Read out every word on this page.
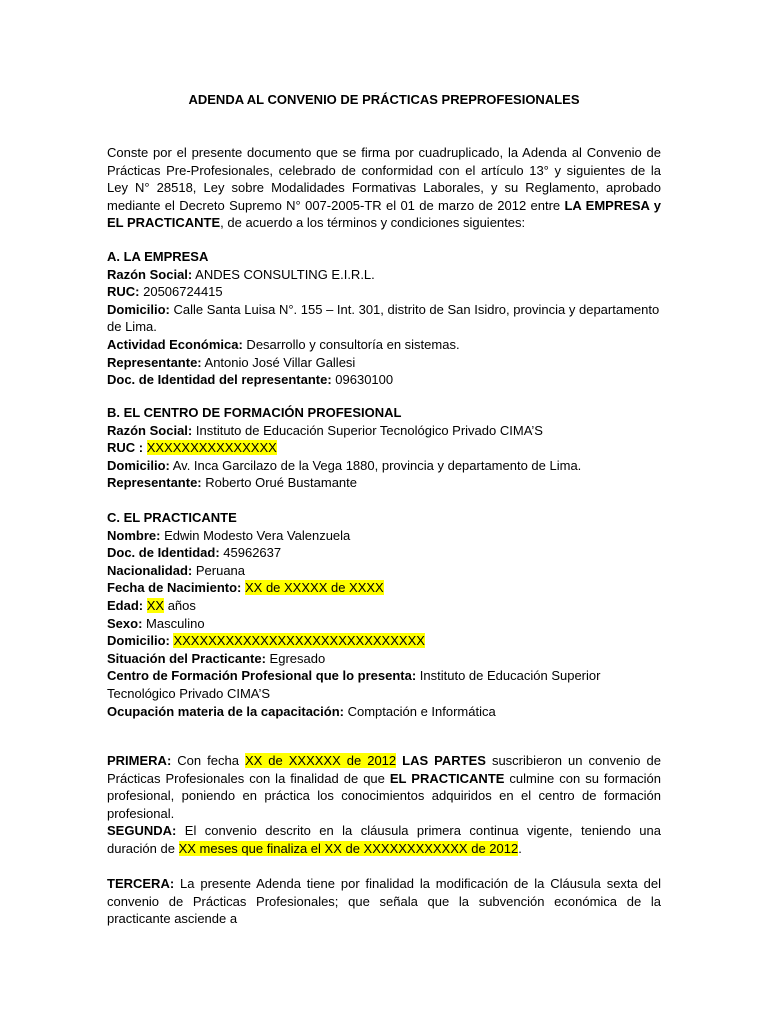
ADENDA AL CONVENIO DE PRÁCTICAS PREPROFESIONALES
Conste por el presente documento que se firma por cuadruplicado, la Adenda al Convenio de Prácticas Pre-Profesionales, celebrado de conformidad con el artículo 13° y siguientes de la Ley N° 28518, Ley sobre Modalidades Formativas Laborales, y su Reglamento, aprobado mediante el Decreto Supremo N° 007-2005-TR el 01 de marzo de 2012 entre LA EMPRESA y EL PRACTICANTE, de acuerdo a los términos y condiciones siguientes:

A. LA EMPRESA

Razón Social: ANDES CONSULTING E.I.R.L.

RUC: 20506724415

Domicilio: Calle Santa Luisa N°. 155 – Int. 301, distrito de San Isidro, provincia y departamento de Lima.

Actividad Económica: Desarrollo y consultoría en sistemas.

Representante: Antonio José Villar Gallesi

Doc. de Identidad del representante: 09630100

B. EL CENTRO DE FORMACIÓN PROFESIONAL

Razón Social: Instituto de Educación Superior Tecnológico Privado CIMA’S

RUC : XXXXXXXXXXXXXXX

Domicilio: Av. Inca Garcilazo de la Vega 1880, provincia y departamento de Lima.

Representante: Roberto Orué Bustamante

C. EL PRACTICANTE

Nombre: Edwin Modesto Vera Valenzuela

Doc. de Identidad: 45962637

Nacionalidad: Peruana

Fecha de Nacimiento: XX de XXXXX de XXXX

Edad: XX años

Sexo: Masculino

Domicilio: XXXXXXXXXXXXXXXXXXXXXXXXXXXXX

Situación del Practicante: Egresado

Centro de Formación Profesional que lo presenta: Instituto de Educación Superior Tecnológico Privado CIMA’S

Ocupación materia de la capacitación: Comptación e Informática

PRIMERA: Con fecha XX de XXXXXX de 2012 LAS PARTES suscribieron un convenio de Prácticas Profesionales con la finalidad de que EL PRACTICANTE culmine con su formación profesional, poniendo en práctica los conocimientos adquiridos en el centro de formación profesional.
SEGUNDA: El convenio descrito en la cláusula primera continua vigente, teniendo una duración de XX meses que finaliza el XX de XXXXXXXXXXXX de 2012.
TERCERA: La presente Adenda tiene por finalidad la modificación de la Cláusula sexta del convenio de Prácticas Profesionales; que señala que la subvención económica de la practicante asciende a
